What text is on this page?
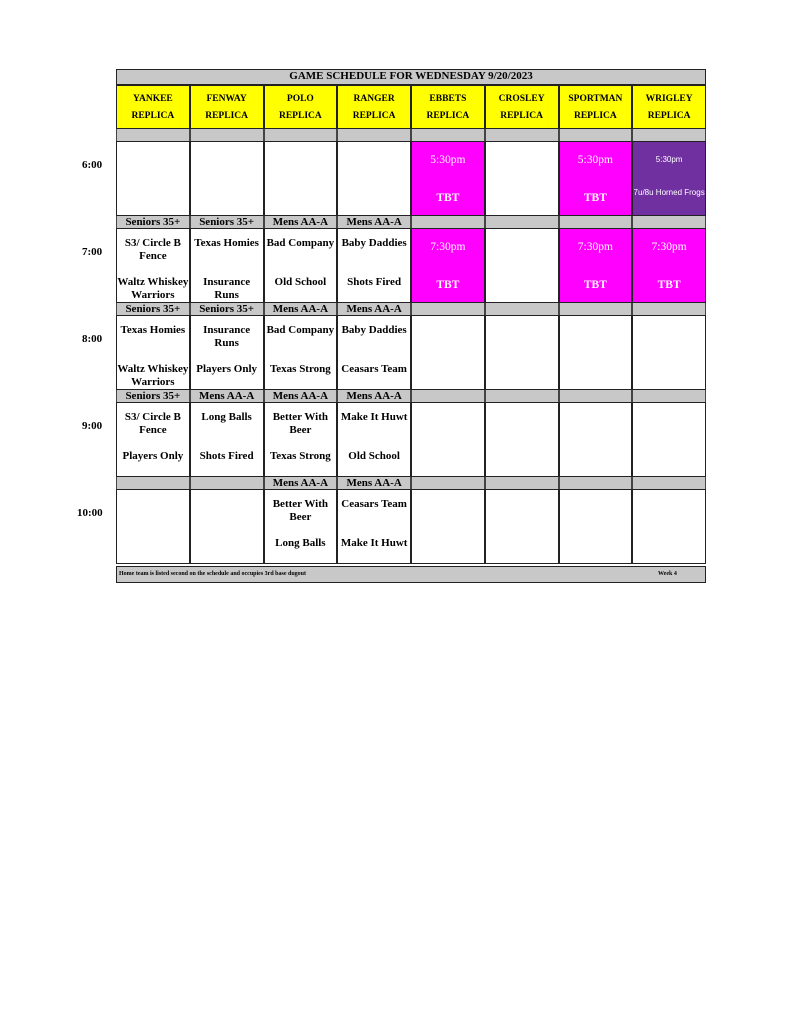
GAME SCHEDULE FOR WEDNESDAY 9/20/2023
Home team is listed second on the schedule and occupies 3rd base dugout	Week 4
YANKEE
REPLICA
FENWAY
REPLICA
POLO
REPLICA
RANGER
REPLICA
EBBETS
REPLICA
CROSLEY
REPLICA
SPORTMAN
REPLICA
WRIGLEY
REPLICA
5:30pm
TBT
5:30pm
TBT
5:30pm
7u/8u Horned Frogs
Seniors 35+
S3/ Circle B Fence
Waltz Whiskey Warriors
Seniors 35+
Texas Homies
Insurance Runs
Mens AA-A
Bad Company
Old School
Mens AA-A
Baby Daddies
Shots Fired
7:30pm
TBT
7:30pm
TBT
7:30pm
TBT
Seniors 35+
Texas Homies
Waltz Whiskey Warriors
Seniors 35+
Insurance Runs
Players Only
Mens AA-A
Bad Company
Texas Strong
Mens AA-A
Baby Daddies
Ceasars Team
Seniors 35+
S3/ Circle B Fence
Players Only
Mens AA-A
Long Balls
Shots Fired
Mens AA-A
Better With Beer
Texas Strong
Mens AA-A
Make It Huwt
Old School
Mens AA-A
Better With Beer
Long Balls
Mens AA-A
Ceasars Team
Make It Huwt
6:00
7:00
8:00
9:00
10:00
